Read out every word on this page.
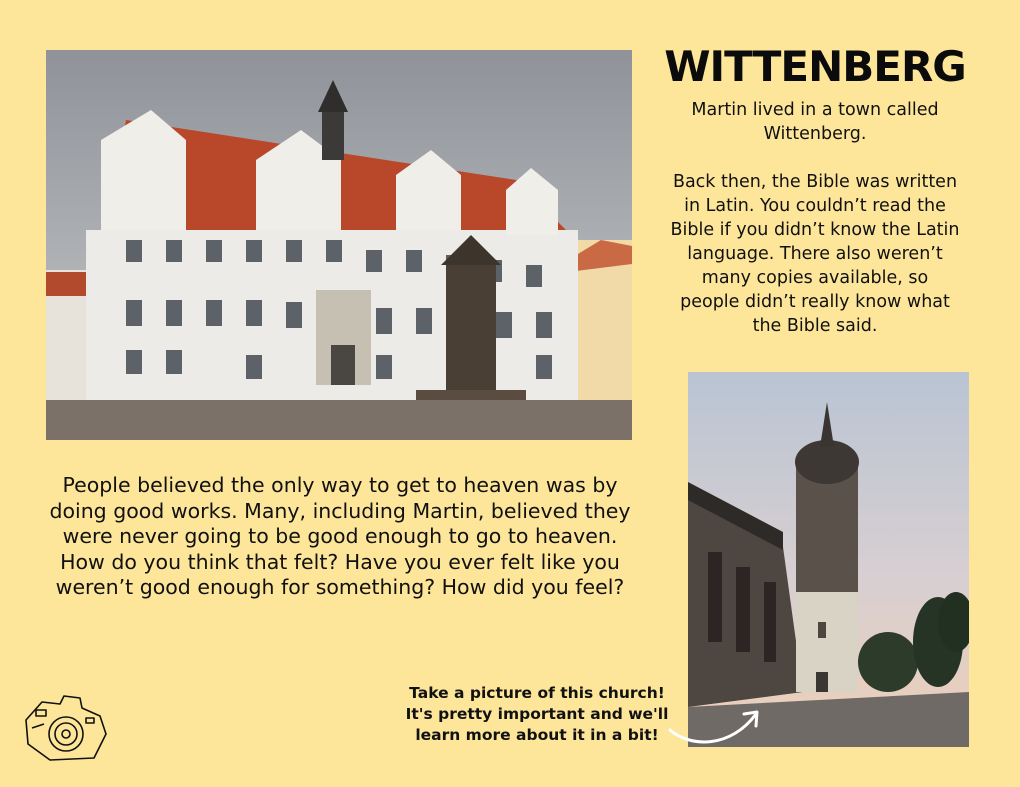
WITTENBERG
Martin lived in a town called Wittenberg.

Back then, the Bible was written in Latin. You couldn’t read the Bible if you didn’t know the Latin language. There also weren’t many copies available, so people didn’t really know what the Bible said.
People believed the only way to get to heaven was by doing good works. Many, including Martin, believed they were never going to be good enough to go to heaven. How do you think that felt? Have you ever felt like you weren’t good enough for something? How did you feel?
Take a picture of this church!
It's pretty important and we'll
learn more about it in a bit!
